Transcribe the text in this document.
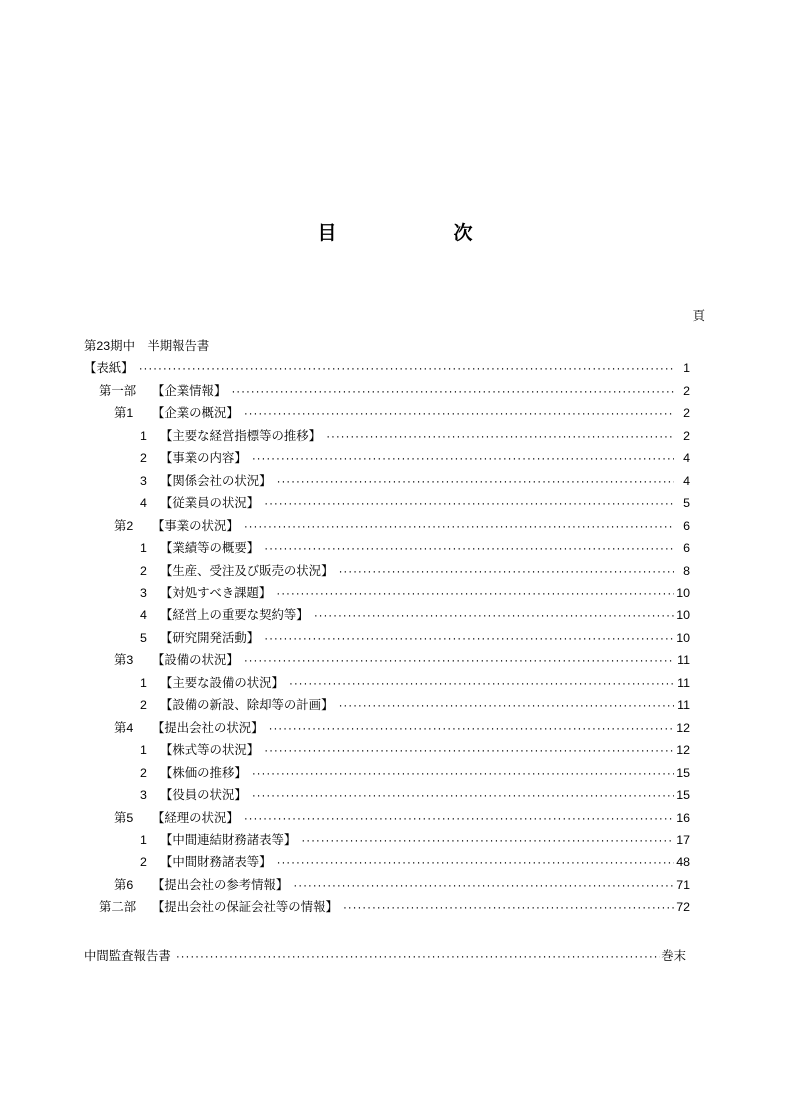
目	次
頁
第23期中　半期報告書
【表紙】 ·····	1
第一部	【企業情報】 ·····	2
第1	【企業の概況】 ·····	2
1	【主要な経営指標等の推移】 ·····	2
2	【事業の内容】 ·····	4
3	【関係会社の状況】 ·····	4
4	【従業員の状況】 ·····	5
第2	【事業の状況】 ·····	6
1	【業績等の概要】 ·····	6
2	【生産、受注及び販売の状況】 ·····	8
3	【対処すべき課題】 ·····	10
4	【経営上の重要な契約等】 ·····	10
5	【研究開発活動】 ·····	10
第3	【設備の状況】 ·····	11
1	【主要な設備の状況】 ·····	11
2	【設備の新設、除却等の計画】 ·····	11
第4	【提出会社の状況】 ·····	12
1	【株式等の状況】 ·····	12
2	【株価の推移】 ·····	15
3	【役員の状況】 ·····	15
第5	【経理の状況】 ·····	16
1	【中間連結財務諸表等】 ·····	17
2	【中間財務諸表等】 ·····	48
第6	【提出会社の参考情報】 ·····	71
第二部	【提出会社の保証会社等の情報】 ·····	72
中間監査報告書 ·····	巻末
